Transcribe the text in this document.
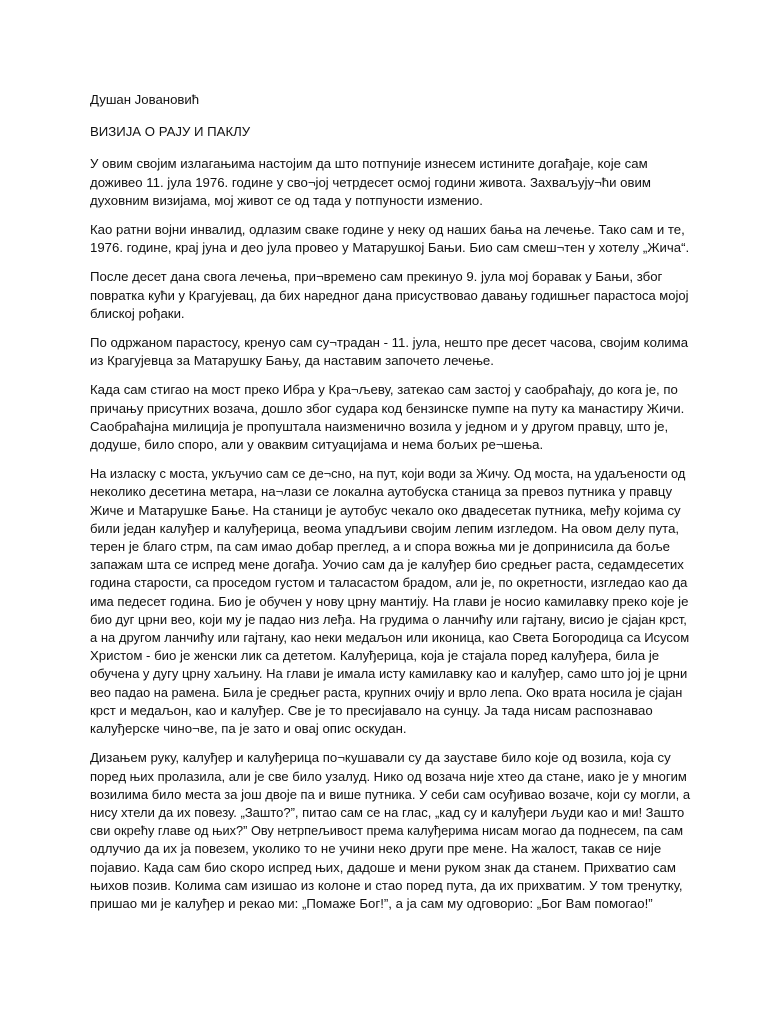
Душан Јовановић
ВИЗИЈА О РАЈУ И ПАКЛУ
У овим својим излагањима настојим да што потпуније изнесем истините догађаје, које сам
доживео 11. јула 1976. године у сво¬јој четрдесет осмој години живота. Захваљују¬ћи овим
духовним визијама, мој живот се од тада у потпуности изменио.
Као ратни војни инвалид, одлазим сваке године у неку од наших бања на лечење. Тако сам и те,
1976. године, крај јуна и део јула провео у Матарушкој Бањи. Био сам смеш¬тен у хотелу „Жича“.
После десет дана свога лечења, при¬времено сам прекинуо 9. јула мој боравак у Бањи, због
повратка кући у Крагујевац, да бих наредног дана присуствовао давању годишњег парастоса мојој
блиској рођаки.
По одржаном парастосу, кренуо сам су¬традан - 11. јула, нешто пре десет часова, својим колима
из Крагујевца за Матарушку Бању, да наставим започето лечење.
Када сам стигао на мост преко Ибра у Кра¬љеву, затекао сам застој у саобраћају, до кога је, по
причању присутних возача, дошло због судара код бензинске пумпе на путу ка манастиру Жичи.
Саобраћајна милиција је пропуштала наизменично возила у једном и у другом правцу, што је,
додуше, било споро, али у оваквим ситуацијама и нема бољих ре¬шења.
На излаcку с моста, укључио сам се де¬сно, на пут, који води за Жичу. Од моста, на удаљености од
неколико десетина метара, на¬лази се локална аутобуска станица за превоз путника у правцу
Жиче и Матарушке Бање. На станици је аутобус чекало око двадесетак путника, међу којима су
били један калуђер и калуђерица, веома упадљиви својим лепим изгледом. На овом делу пута,
терен је благо стрм, па сам имао добар преглед, а и спора вожња ми је допринисила да боље
запажам шта се испред мене догађа. Уочио сам да је калуђер био средњег раста, седамдесетих
година старости, са проседом густом и таласастом брадом, али је, по окретности, изгледао као да
има педесет година. Био је обучен у нову црну мантију. На глави је носио камилавку преко које је
био дуг црни вео, који му је падао низ леђа. На грудима о ланчићу или гајтану, висио је сјајан крст,
а на другом ланчићу или гајтану, као неки медаљон или иконица, као Света Богородица са Исусом
Христом - био је женски лик са дететом. Калуђерица, која је стајала поред калуђера, била је
обучена у дугу црну хаљину. На глави је имала исту камилавку као и калуђер, само што јој је црни
вео падао на рамена. Била је средњег раста, крупних очију и врло лепа. Око врата носила је сјајан
крст и медаљон, као и калуђер. Све је то пресијавало на сунцу. Ја тада нисам распознавао
калуђерске чино¬ве, па је зато и овај опис оскудан.
Дизањем руку, калуђер и калуђерица по¬кушавали су да зауставе било које од возила, која су
поред њих пролазила, али је све било узалуд. Нико од возача није хтео да стане, иако је у многим
возилима било места за још двоје па и више путника. У себи сам осуђивао возаче, који су могли, а
нису хтели да их повезу. „Зашто?”, питао сам се на глас, „кад су и калуђери људи као и ми! Зашто
сви окрећу главе од њих?” Ову нетрпељивост према калуђерима нисам могао да поднесем, па сам
одлучио да их ја повезем, уколико то не учини неко други пре мене. На жалост, такав се није
појавио. Када сам био скоро испред њих, дадоше и мени руком знак да станем. Прихватио сам
њихов позив. Колима сам изишао из колоне и стао поред пута, да их прихватим. У том тренутку,
пришао ми је калуђер и рекао ми: „Помаже Бог!”, а ја сам му одговорио: „Бог Вам помогао!”
